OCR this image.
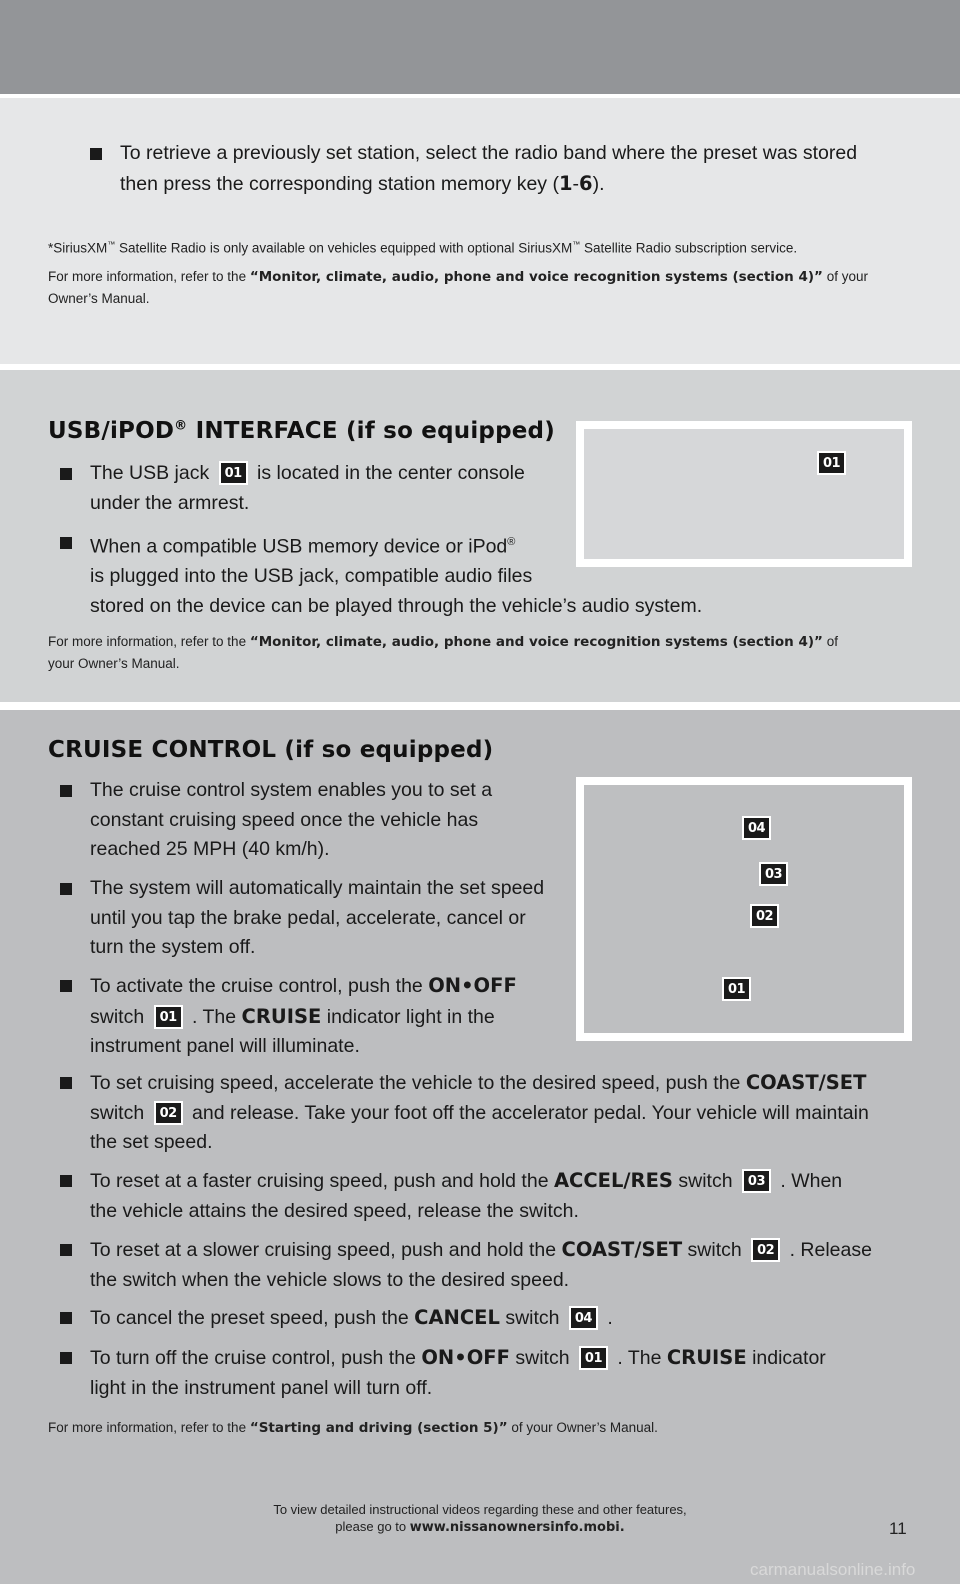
To retrieve a previously set station, select the radio band where the preset was stored
then press the corresponding station memory key (1-6).
*SiriusXM™ Satellite Radio is only available on vehicles equipped with optional SiriusXM™ Satellite Radio subscription service.
For more information, refer to the “Monitor, climate, audio, phone and voice recognition systems (section 4)” of your
Owner’s Manual.
USB/iPOD® INTERFACE (if so equipped)
The USB jack 01 is located in the center console
under the armrest.
When a compatible USB memory device or iPod®
is plugged into the USB jack, compatible audio files
stored on the device can be played through the vehicle’s audio system.
For more information, refer to the “Monitor, climate, audio, phone and voice recognition systems (section 4)” of
your Owner’s Manual.
01
CRUISE CONTROL (if so equipped)
The cruise control system enables you to set a
constant cruising speed once the vehicle has
reached 25 MPH (40 km/h).
The system will automatically maintain the set speed
until you tap the brake pedal, accelerate, cancel or
turn the system off.
To activate the cruise control, push the ON•OFF
switch 01 . The CRUISE indicator light in the
instrument panel will illuminate.
To set cruising speed, accelerate the vehicle to the desired speed, push the COAST/SET
switch 02 and release. Take your foot off the accelerator pedal. Your vehicle will maintain
the set speed.
To reset at a faster cruising speed, push and hold the ACCEL/RES switch 03 . When
the vehicle attains the desired speed, release the switch.
To reset at a slower cruising speed, push and hold the COAST/SET switch 02 . Release
the switch when the vehicle slows to the desired speed.
To cancel the preset speed, push the CANCEL switch 04 .
To turn off the cruise control, push the ON•OFF switch 01 . The CRUISE indicator
light in the instrument panel will turn off.
For more information, refer to the “Starting and driving (section 5)” of your Owner’s Manual.
04
03
02
01
To view detailed instructional videos regarding these and other features,
please go to www.nissanownersinfo.mobi.	11
carmanualsonline.info
